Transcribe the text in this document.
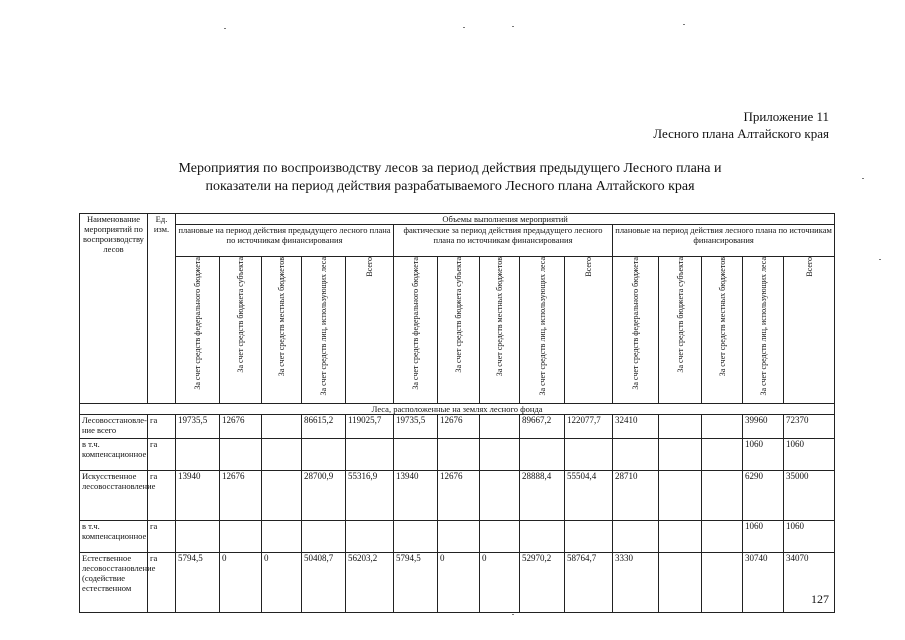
Приложение 11
Лесного плана Алтайского края
Мероприятия по воспроизводству лесов за период действия предыдущего Лесного плана и
показатели на период действия разрабатываемого Лесного плана Алтайского края
Наименование мероприятий по воспроизводству лесов	Ед. изм.	Объемы выполнения мероприятий														
		плановые на период действия предыдущего лесного плана по источникам финансирования					фактические за период действия предыдущего лесного плана по источникам финансирования					плановые на период действия лесного плана по источникам финансирования				

		За счет средств федерального бюджета	За счет средств бюджета субъекта	За счет средств местных бюджетов	За счет средств лиц, использующих леса	Всего	За счет средств федерального бюджета	За счет средств бюджета субъекта	За счет средств местных бюджетов	За счет средств лиц, использующих леса	Всего	За счет средств федерального бюджета	За счет средств бюджета субъекта	За счет средств местных бюджетов	За счет средств лиц, использующих леса	Всего

Леса, расположенные на землях лесного фонда																
Лесовосстановле-ние всего	га	19735,5	12676		86615,2	119025,7	19735,5	12676		89667,2	122077,7	32410			39960	72370
в т.ч. компенсационное	га														1060	1060
Искусственное лесовосстановление	га	13940	12676		28700,9	55316,9	13940	12676		28888,4	55504,4	28710			6290	35000
в т.ч. компенсационное	га														1060	1060
Естественное лесовосстановление (содействие естественном	га	5794,5	0	0	50408,7	56203,2	5794,5	0	0	52970,2	58764,7	3330			30740	34070
127
